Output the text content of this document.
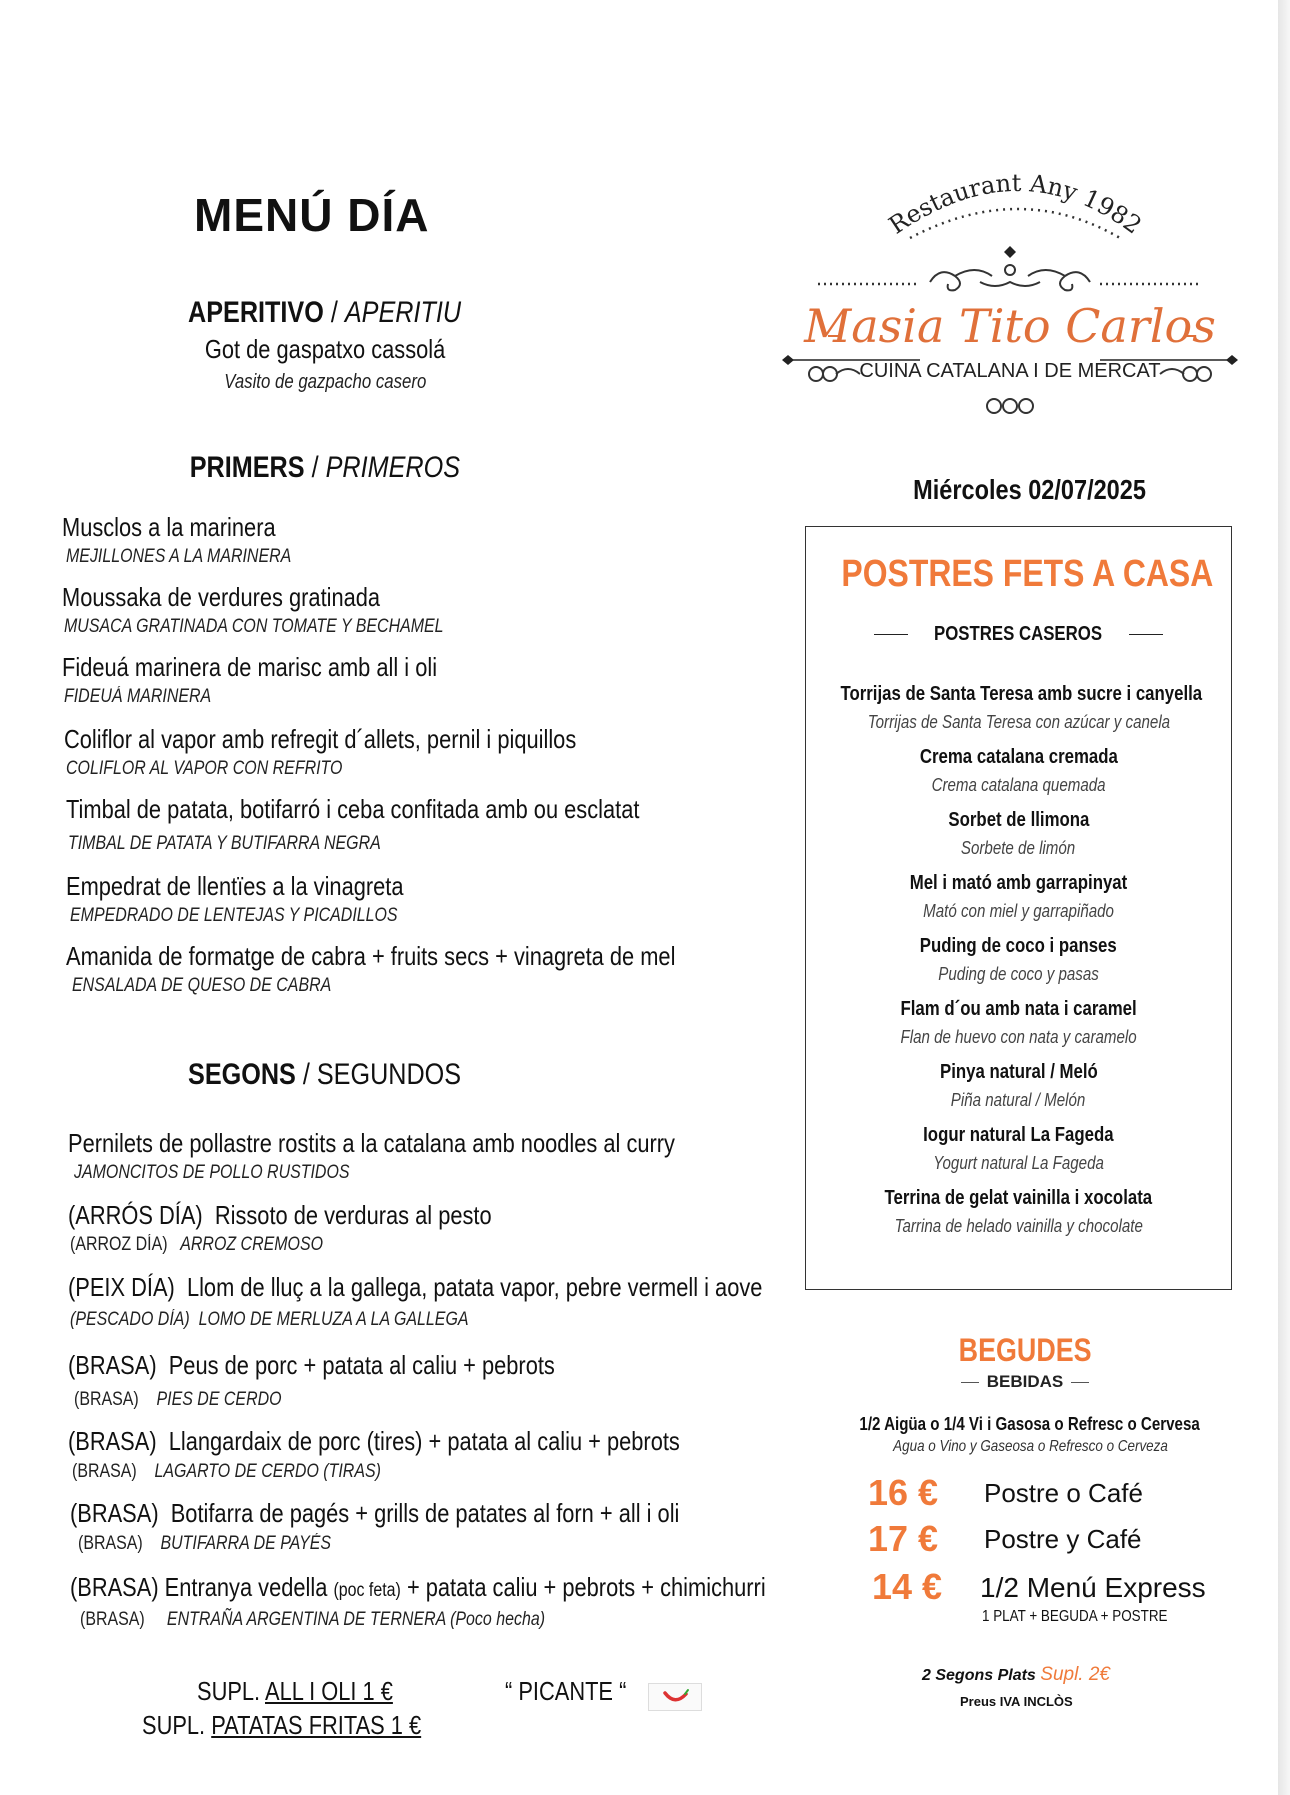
MENÚ DÍA
APERITIVO / APERITIU
Got de gaspatxo cassolá
Vasito de gazpacho casero
PRIMERS / PRIMEROS
Musclos a la marinera
MEJILLONES A LA MARINERA
Moussaka de verdures gratinada
MUSACA GRATINADA CON TOMATE Y BECHAMEL
Fideuá marinera de marisc amb all i oli
FIDEUÁ MARINERA
Coliflor al vapor amb refregit d´allets, pernil i piquillos
COLIFLOR AL VAPOR CON REFRITO
Timbal de patata, botifarró i ceba confitada amb ou esclatat
TIMBAL DE PATATA Y BUTIFARRA NEGRA
Empedrat de llentïes a la vinagreta
EMPEDRADO DE LENTEJAS Y PICADILLOS
Amanida de formatge de cabra + fruits secs + vinagreta de mel
ENSALADA DE QUESO DE CABRA
SEGONS / SEGUNDOS
Pernilets de pollastre rostits a la catalana amb noodles al curry
JAMONCITOS DE POLLO RUSTIDOS
(ARRÓS DÍA) Rissoto de verduras al pesto
(ARROZ DÍA) ARROZ CREMOSO
(PEIX DÍA) Llom de lluç a la gallega, patata vapor, pebre vermell i aove
(PESCADO DÍA) LOMO DE MERLUZA A LA GALLEGA
(BRASA) Peus de porc + patata al caliu + pebrots
(BRASA) PIES DE CERDO
(BRASA) Llangardaix de porc (tires) + patata al caliu + pebrots
(BRASA) LAGARTO DE CERDO (TIRAS)
(BRASA) Botifarra de pagés + grills de patates al forn + all i oli
(BRASA) BUTIFARRA DE PAYÉS
(BRASA) Entranya vedella (poc feta) + patata caliu + pebrots + chimichurri
(BRASA) ENTRAÑA ARGENTINA DE TERNERA (Poco hecha)
SUPL. ALL I OLI 1 €
SUPL. PATATAS FRITAS 1 €
“ PICANTE “
Restaurant Any 1982
Masia Tito Carlos
CUINA CATALANA I DE MERCAT
Miércoles 02/07/2025
POSTRES FETS A CASA
POSTRES CASEROS
Torrijas de Santa Teresa amb sucre i canyella
Torrijas de Santa Teresa con azúcar y canela
Crema catalana cremada
Crema catalana quemada
Sorbet de llimona
Sorbete de limón
Mel i mató amb garrapinyat
Mató con miel y garrapiñado
Puding de coco i panses
Puding de coco y pasas
Flam d´ou amb nata i caramel
Flan de huevo con nata y caramelo
Pinya natural / Meló
Piña natural / Melón
Iogur natural La Fageda
Yogurt natural La Fageda
Terrina de gelat vainilla i xocolata
Tarrina de helado vainilla y chocolate
BEGUDES
BEBIDAS
1/2 Aigüa o 1/4 Vi i Gasosa o Refresc o Cervesa
Agua o Vino y Gaseosa o Refresco o Cerveza
16 € Postre o Café
17 € Postre y Café
14 € 1/2 Menú Express
1 PLAT + BEGUDA + POSTRE
2 Segons Plats Supl. 2€
Preus IVA INCLÒS
